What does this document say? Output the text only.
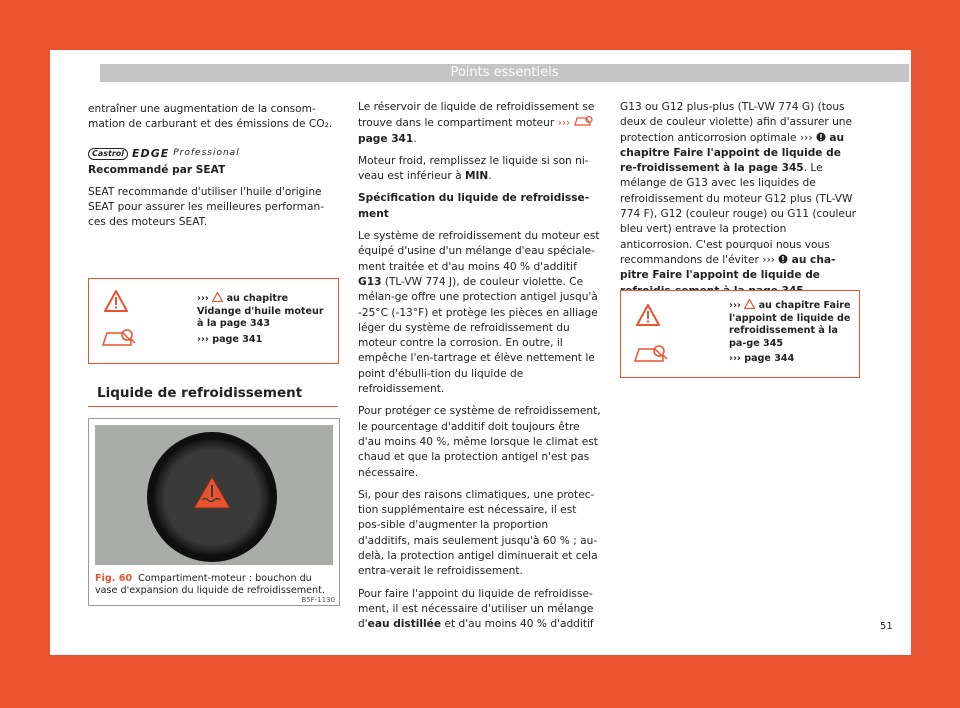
Points essentiels

entraîner une augmentation de la consom-mation de carburant et des émissions de CO₂.

Castrol EDGE Professional

Recommandé par SEAT

SEAT recommande d'utiliser l'huile d'origine SEAT pour assurer les meilleures performan-ces des moteurs SEAT.

››› au chapitre Vidange d'huile moteur à la page 343
››› page 341
Liquide de refroidissement
B5F-1130
Fig. 60 Compartiment-moteur : bouchon du vase d'expansion du liquide de refroidissement.

Le réservoir de liquide de refroidissement se trouve dans le compartiment moteur ›››  page 341.

Moteur froid, remplissez le liquide si son ni-veau est inférieur à MIN.

Spécification du liquide de refroidisse-ment

Le système de refroidissement du moteur est équipé d'usine d'un mélange d'eau spéciale-ment traitée et d'au moins 40 % d'additif G13 (TL-VW 774 J), de couleur violette. Ce mélan-ge offre une protection antigel jusqu'à -25°C (-13°F) et protège les pièces en alliage léger du système de refroidissement du moteur contre la corrosion. En outre, il empêche l'en-tartrage et élève nettement le point d'ébulli-tion du liquide de refroidissement.

Pour protéger ce système de refroidissement, le pourcentage d'additif doit toujours être d'au moins 40 %, même lorsque le climat est chaud et que la protection antigel n'est pas nécessaire.

Si, pour des raisons climatiques, une protec-tion supplémentaire est nécessaire, il est pos-sible d'augmenter la proportion d'additifs, mais seulement jusqu'à 60 % ; au-delà, la protection antigel diminuerait et cela entra-verait le refroidissement.

Pour faire l'appoint du liquide de refroidisse-ment, il est nécessaire d'utiliser un mélange d'eau distillée et d'au moins 40 % d'additif

G13 ou G12 plus-plus (TL-VW 774 G) (tous deux de couleur violette) afin d'assurer une protection anticorrosion optimale ››› au chapitre Faire l'appoint de liquide de re-froidissement à la page 345. Le mélange de G13 avec les liquides de refroidissement du moteur G12 plus (TL-VW 774 F), G12 (couleur rouge) ou G11 (couleur bleu vert) entrave la protection anticorrosion. C'est pourquoi nous vous recommandons de l'éviter ››› au cha-pitre Faire l'appoint de liquide de

››› au chapitre Faire l'appoint de liquide de refroidissement à la pa-ge 345
››› page 344
51
